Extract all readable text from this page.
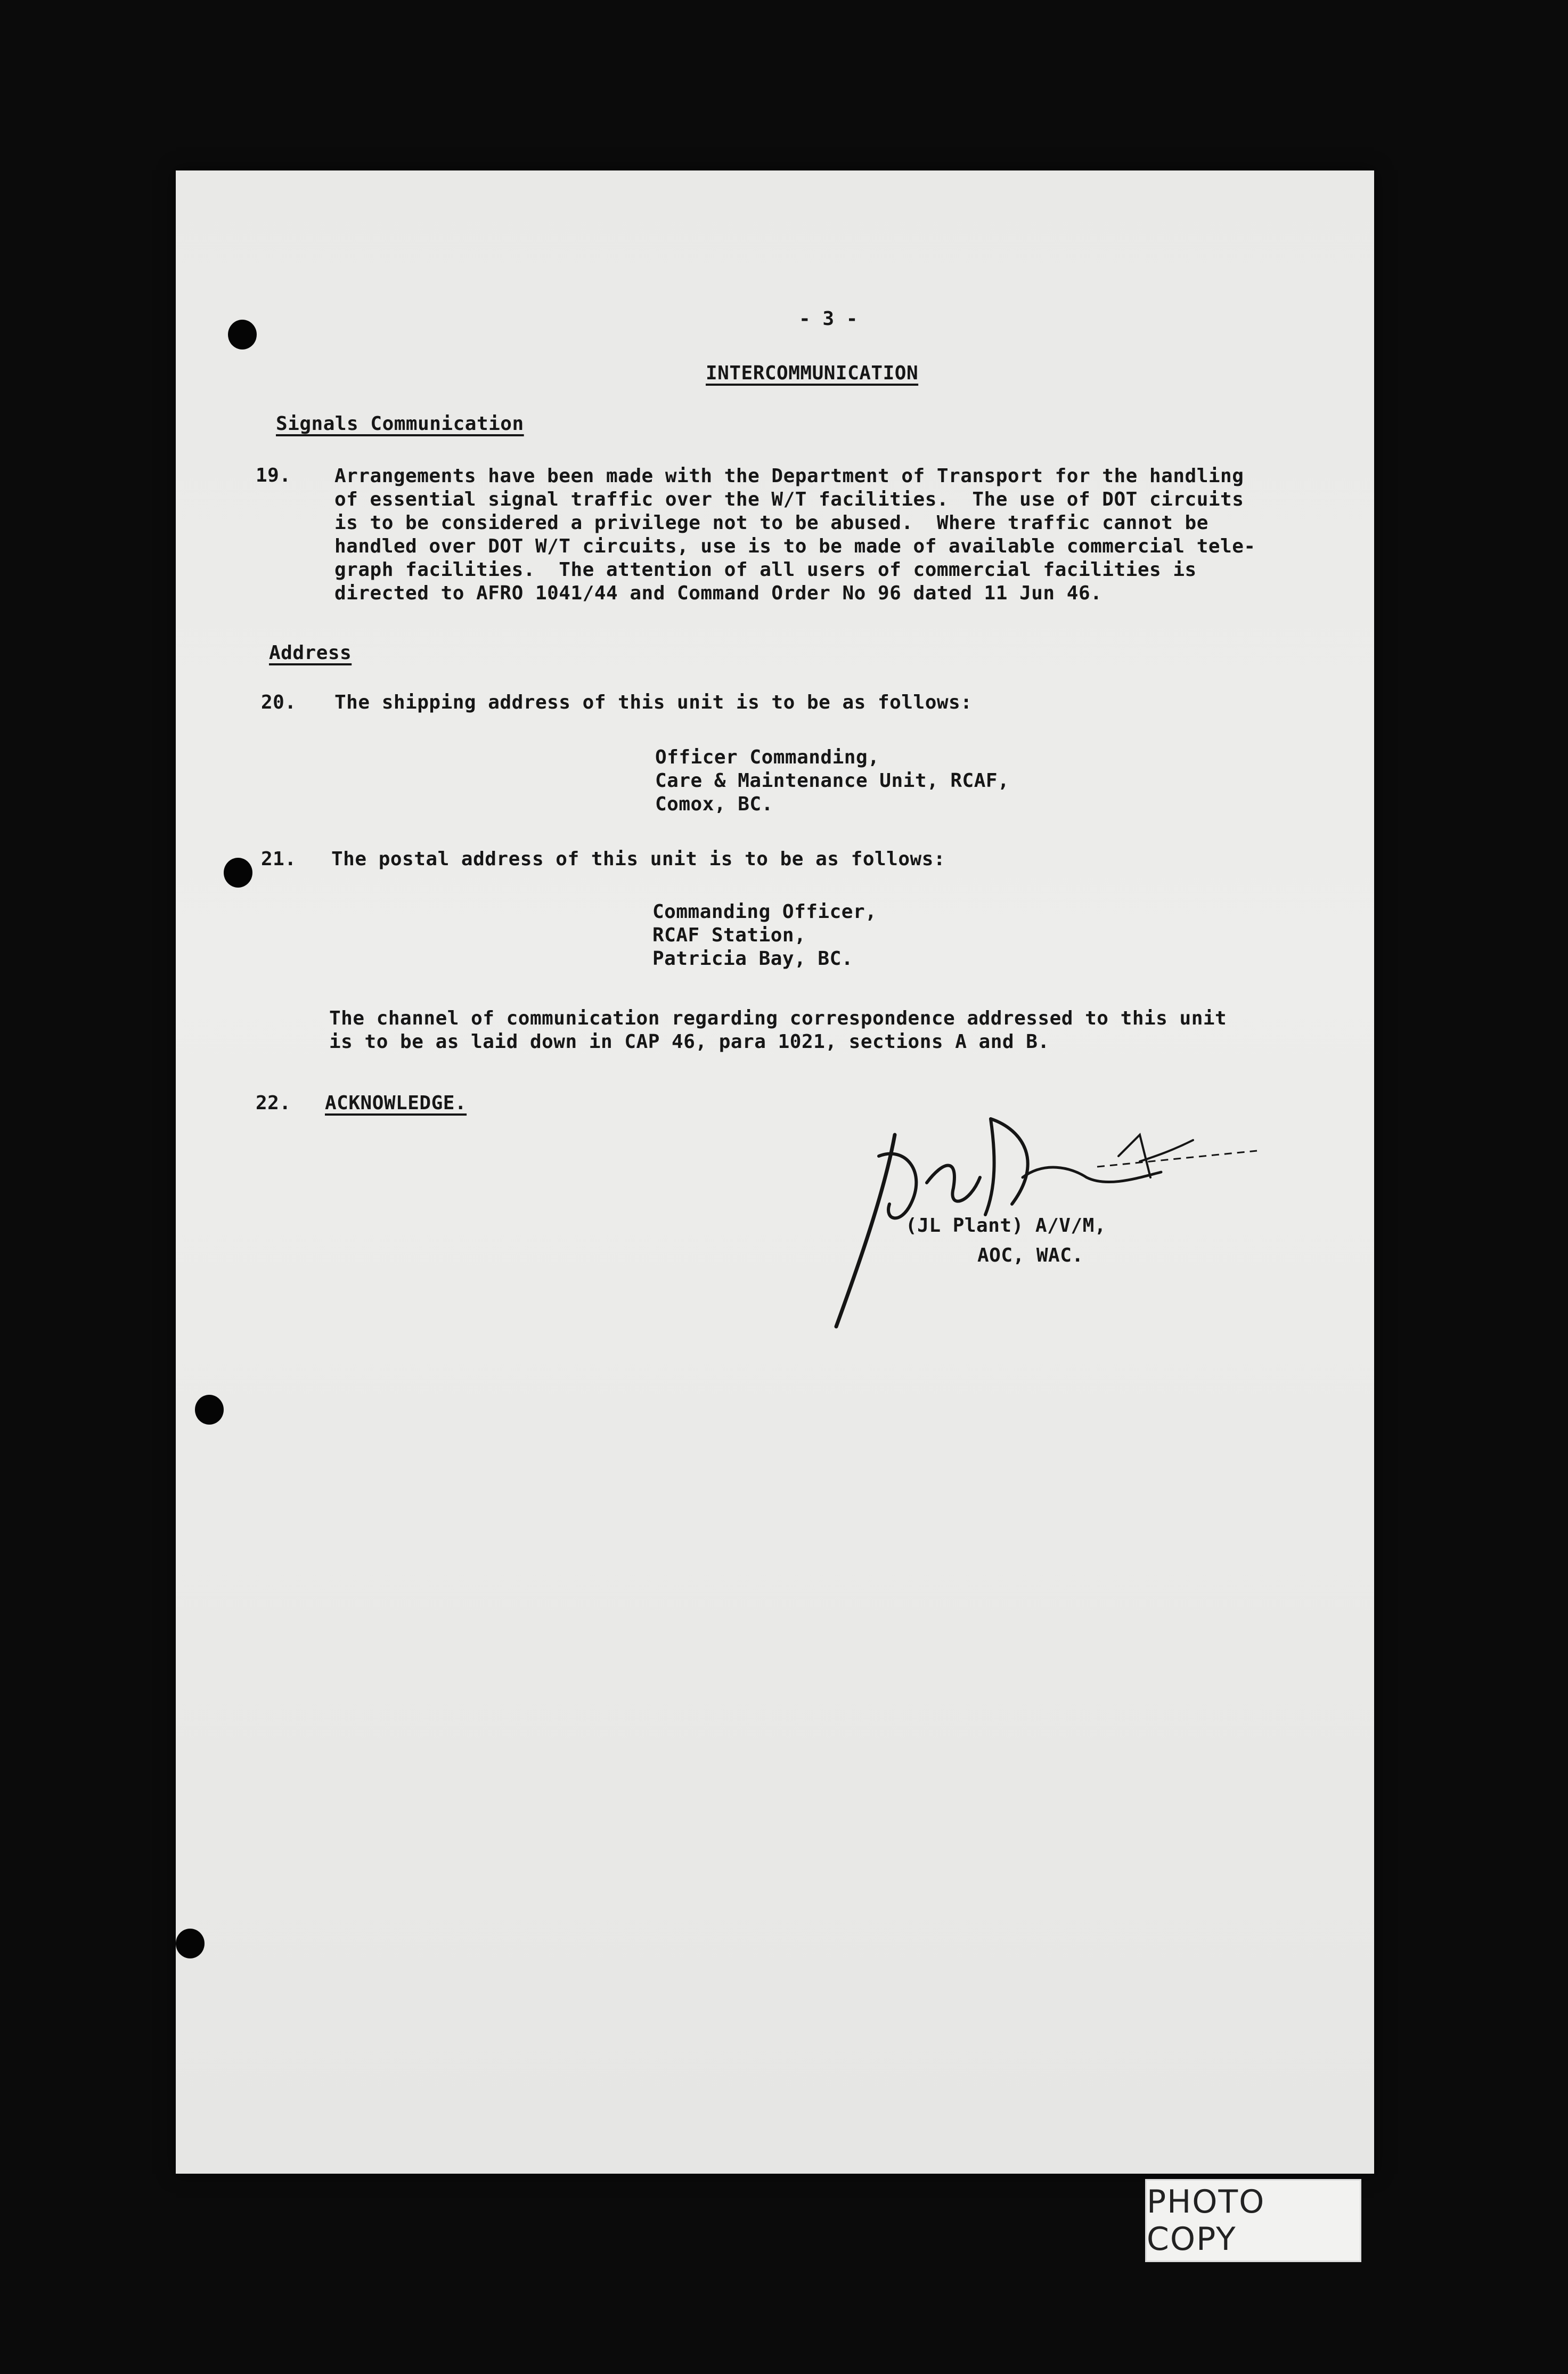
- 3 -
INTERCOMMUNICATION
Signals Communication
19. Arrangements have been made with the Department of Transport for the handling
of essential signal traffic over the W/T facilities.  The use of DOT circuits
is to be considered a privilege not to be abused.  Where traffic cannot be
handled over DOT W/T circuits, use is to be made of available commercial tele-
graph facilities.  The attention of all users of commercial facilities is
directed to AFRO 1041/44 and Command Order No 96 dated 11 Jun 46.
Address
20. The shipping address of this unit is to be as follows:
Officer Commanding,
Care & Maintenance Unit, RCAF,
Comox, BC.
21. The postal address of this unit is to be as follows:
Commanding Officer,
RCAF Station,
Patricia Bay, BC.
The channel of communication regarding correspondence addressed to this unit
is to be as laid down in CAP 46, para 1021, sections A and B.
22. ACKNOWLEDGE.
(JL Plant) A/V/M,
AOC, WAC.
PHOTO COPY
